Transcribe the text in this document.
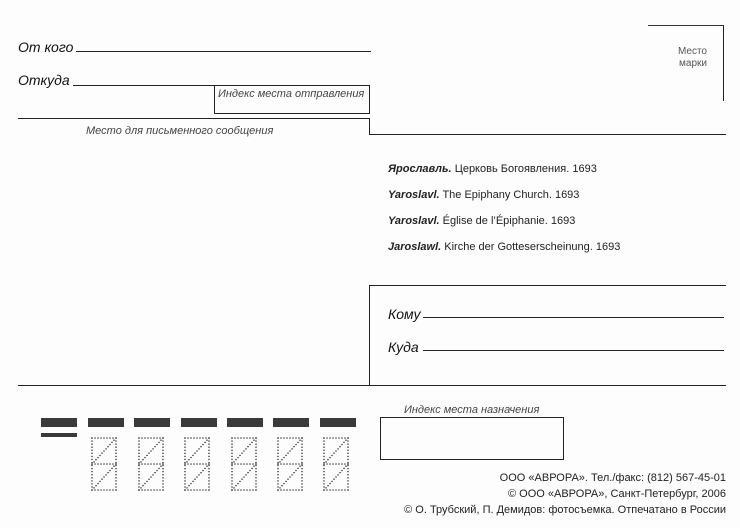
От кого
Откуда
Индекс места отправления
Место для письменного сообщения
Место
марки
Ярославль. Церковь Богоявления. 1693
Yaroslavl. The Epiphany Church. 1693
Yaroslavl. Église de l’Épiphanie. 1693
Jaroslawl. Kirche der Gotteserscheinung. 1693
Кому
Куда
Индекс места назначения
ООО «АВРОРА». Тел./факс: (812) 567-45-01
© ООО «АВРОРА», Санкт-Петербург, 2006
© О. Трубский, П. Демидов: фотосъемка. Отпечатано в России
